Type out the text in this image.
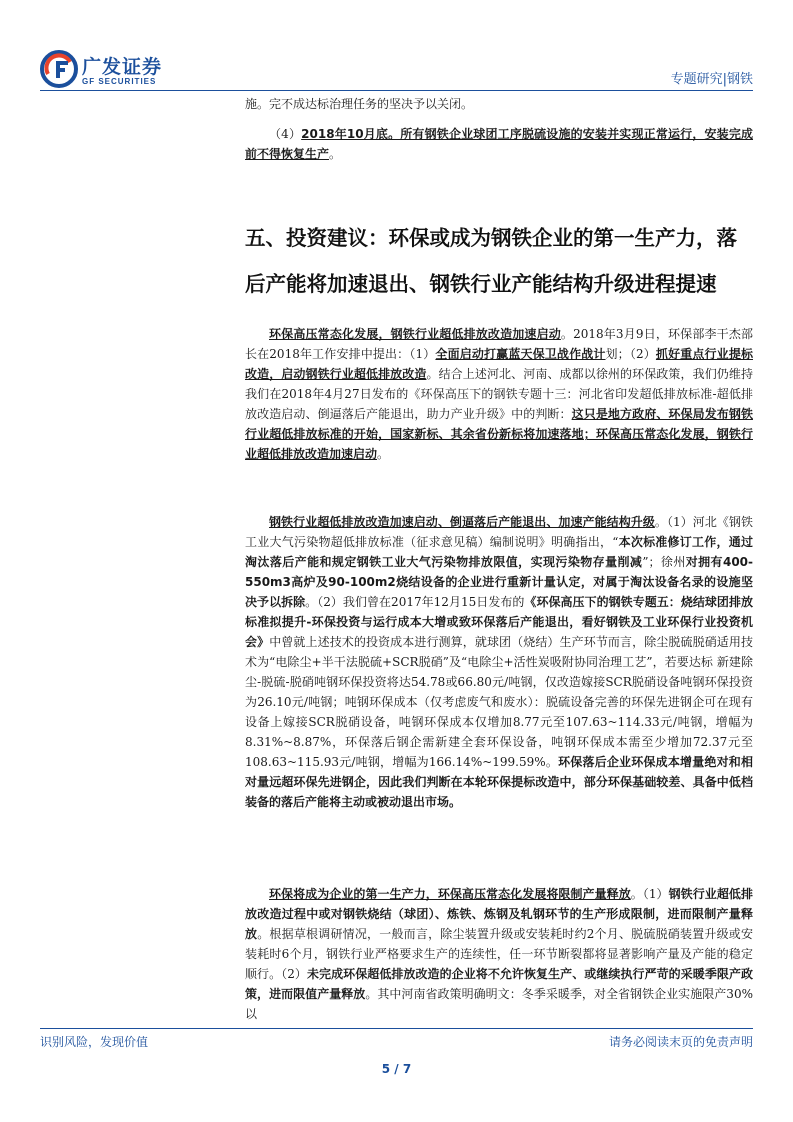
广发证券
GF SECURITIES	专题研究|钢铁
施。完不成达标治理任务的坚决予以关闭。
（4）2018年10月底。所有钢铁企业球团工序脱硫设施的安装并实现正常运行，安装完成前不得恢复生产。
五、投资建议：环保或成为钢铁企业的第一生产力，落后产能将加速退出、钢铁行业产能结构升级进程提速
环保高压常态化发展，钢铁行业超低排放改造加速启动。2018年3月9日，环保部李干杰部长在2018年工作安排中提出：（1）全面启动打赢蓝天保卫战作战计划；（2）抓好重点行业提标改造，启动钢铁行业超低排放改造。结合上述河北、河南、成都以徐州的环保政策，我们仍维持我们在2018年4月27日发布的《环保高压下的钢铁专题十三：河北省印发超低排放标准-超低排放改造启动、倒逼落后产能退出，助力产业升级》中的判断：这只是地方政府、环保局发布钢铁行业超低排放标准的开始，国家新标、其余省份新标将加速落地；环保高压常态化发展，钢铁行业超低排放改造加速启动。
钢铁行业超低排放改造加速启动、倒逼落后产能退出、加速产能结构升级。（1）河北《钢铁工业大气污染物超低排放标准（征求意见稿）编制说明》明确指出，“本次标准修订工作，通过淘汰落后产能和规定钢铁工业大气污染物排放限值，实现污染物存量削减”；徐州对拥有400-550m3高炉及90-100m2烧结设备的企业进行重新计量认定，对属于淘汰设备名录的设施坚决予以拆除。（2）我们曾在2017年12月15日发布的《环保高压下的钢铁专题五：烧结球团排放标准拟提升-环保投资与运行成本大增或致环保落后产能退出，看好钢铁及工业环保行业投资机会》中曾就上述技术的投资成本进行测算，就球团（烧结）生产环节而言，除尘脱硫脱硝适用技术为“电除尘+半干法脱硫+SCR脱硝”及“电除尘+活性炭吸附协同治理工艺”，若要达标 新建除尘-脱硫-脱硝吨钢环保投资将达54.78或66.80元/吨钢，仅改造嫁接SCR脱硝设备吨钢环保投资为26.10元/吨钢；吨钢环保成本（仅考虑废气和废水）：脱硫设备完善的环保先进钢企可在现有设备上嫁接SCR脱硝设备，吨钢环保成本仅增加8.77元至107.63~114.33元/吨钢，增幅为8.31%~8.87%，环保落后钢企需新建全套环保设备，吨钢环保成本需至少增加72.37元至108.63~115.93元/吨钢，增幅为166.14%~199.59%。环保落后企业环保成本增量绝对和相对量远超环保先进钢企，因此我们判断在本轮环保提标改造中，部分环保基础较差、具备中低档装备的落后产能将主动或被动退出市场。
环保将成为企业的第一生产力，环保高压常态化发展将限制产量释放。（1）钢铁行业超低排放改造过程中或对钢铁烧结（球团）、炼铁、炼钢及轧钢环节的生产形成限制，进而限制产量释放。根据草根调研情况，一般而言，除尘装置升级或安装耗时约2个月、脱硫脱硝装置升级或安装耗时6个月，钢铁行业严格要求生产的连续性，任一环节断裂都将显著影响产量及产能的稳定顺行。（2）未完成环保超低排放改造的企业将不允许恢复生产、或继续执行严苛的采暖季限产政策，进而限值产量释放。其中河南省政策明确明文：冬季采暖季，对全省钢铁企业实施限产30%以
识别风险，发现价值	请务必阅读末页的免责声明
5 / 7
